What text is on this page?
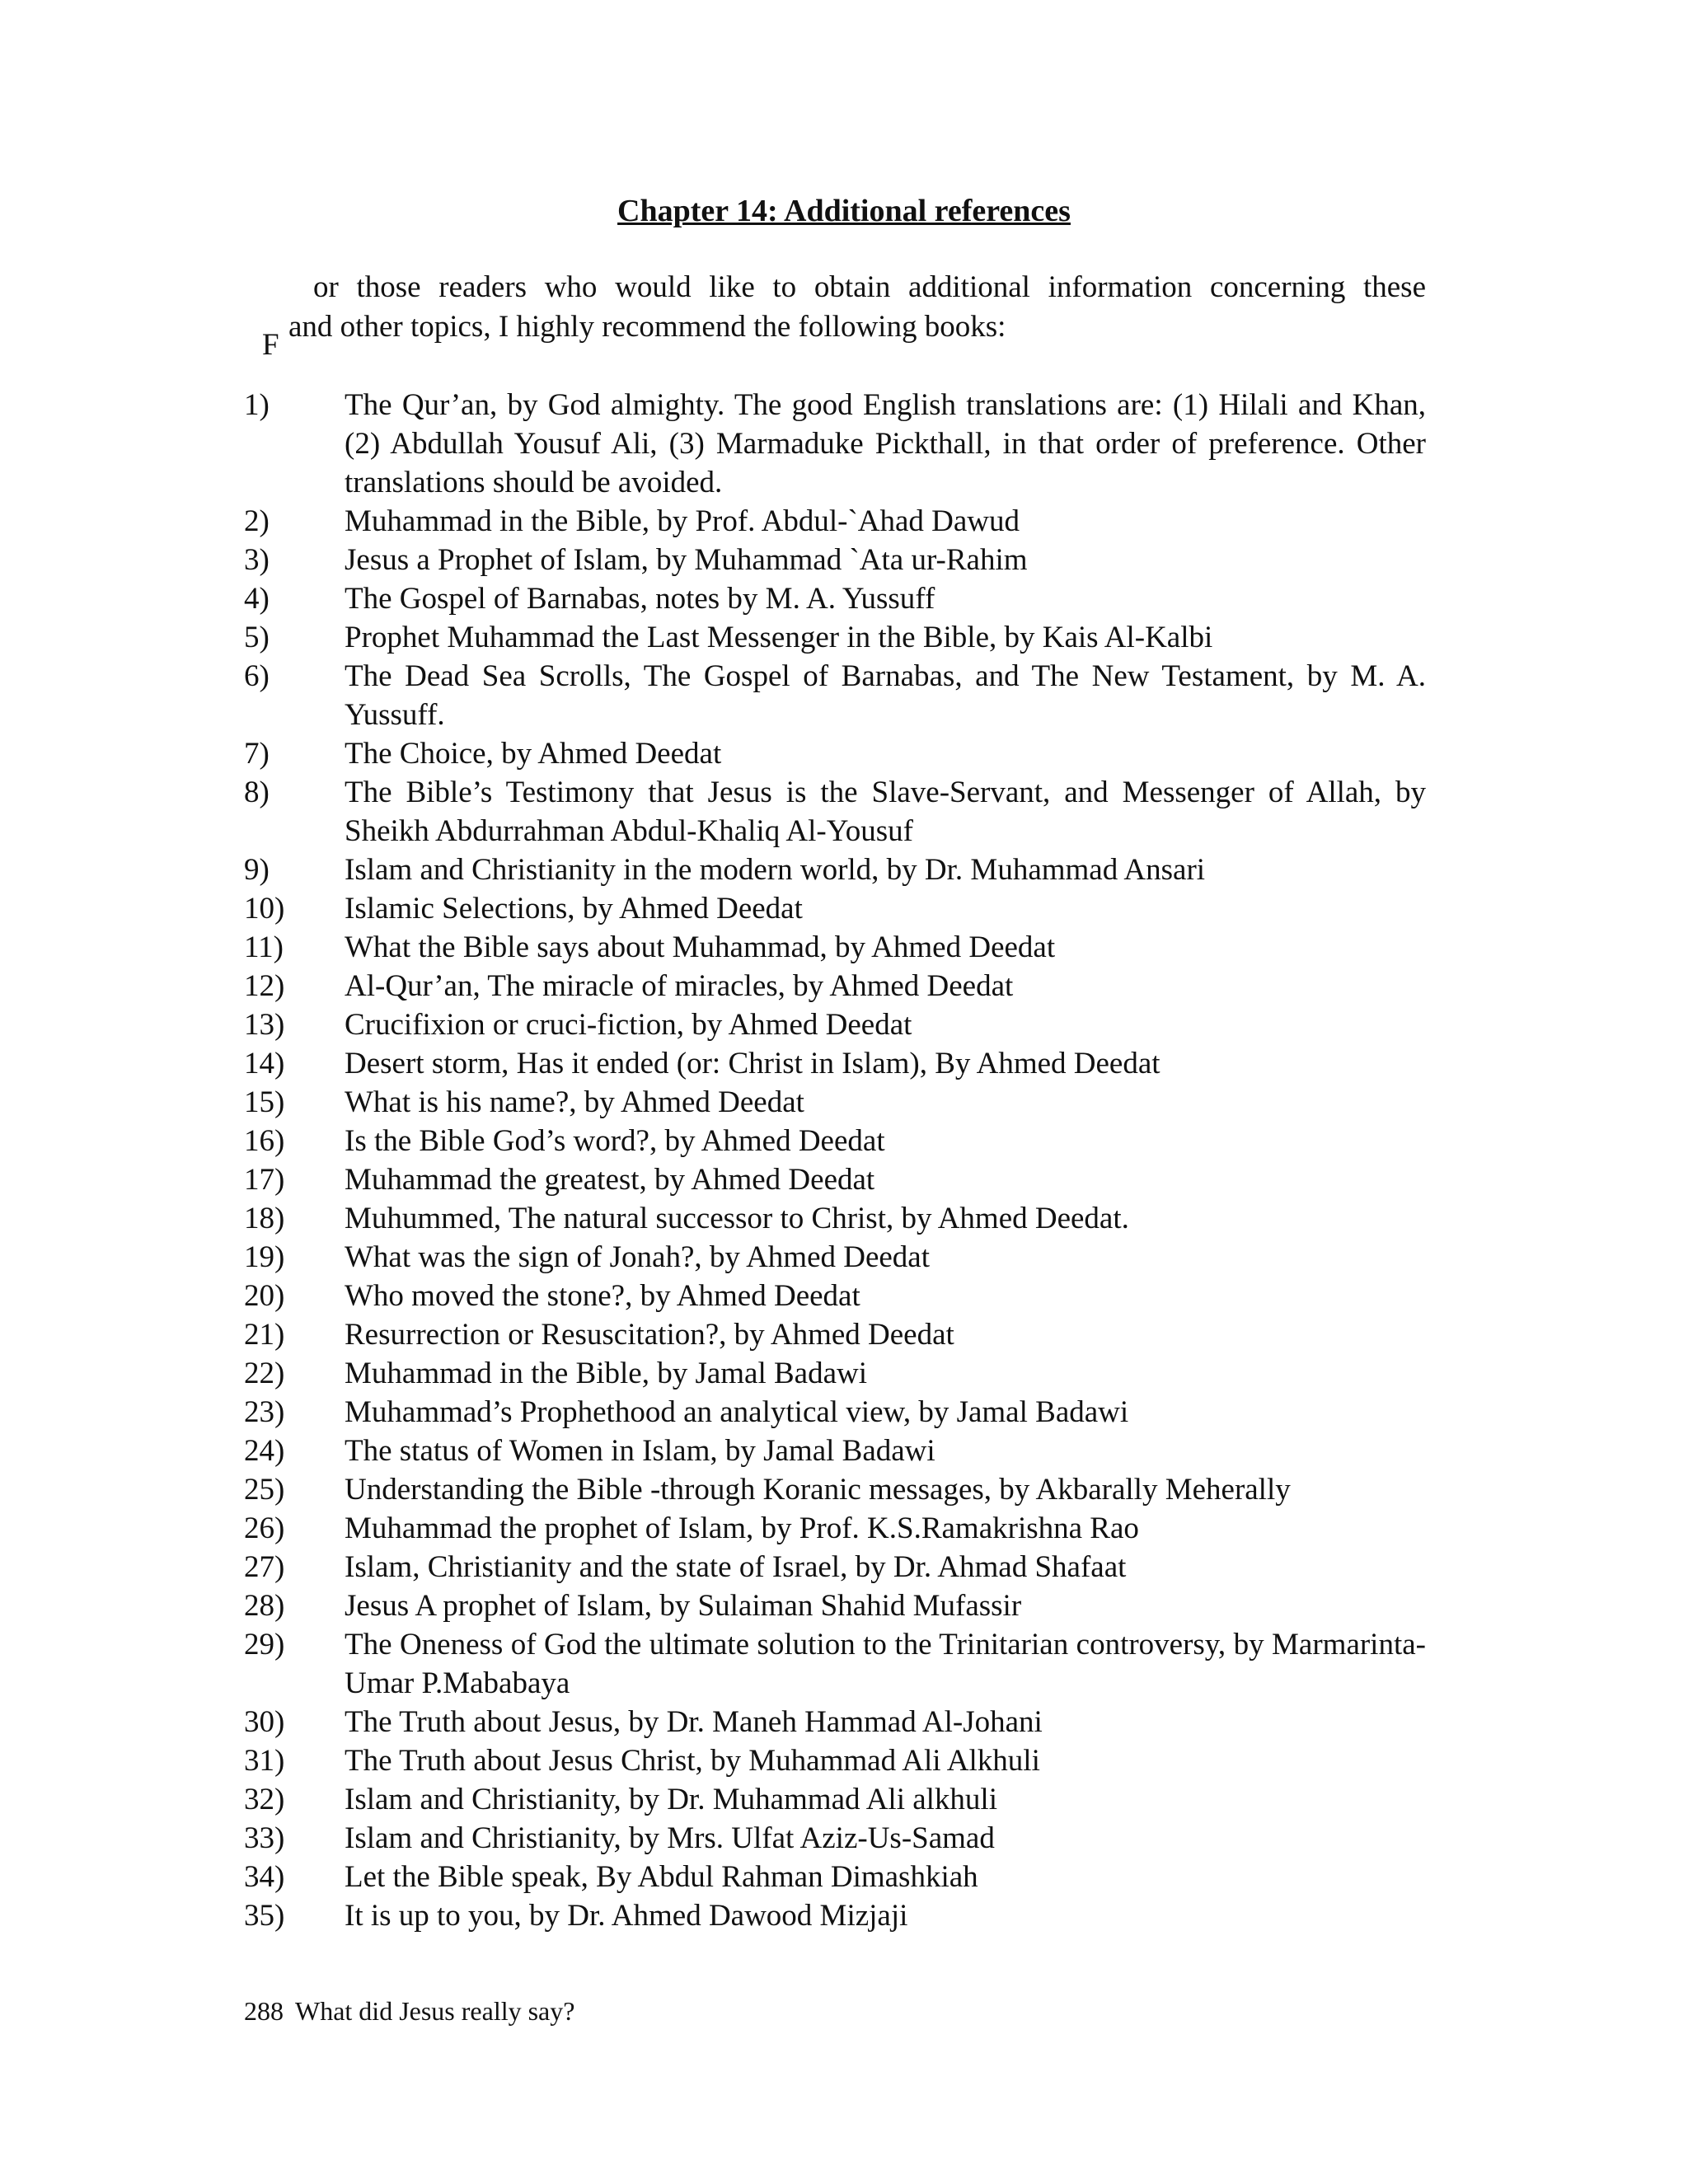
Chapter 14: Additional references
or those readers who would like to obtain additional information concerning these
and other topics, I highly recommend the following books:
F
1)	The Qur’an, by God almighty. The good English translations are: (1) Hilali and Khan, (2) Abdullah Yousuf Ali, (3) Marmaduke Pickthall, in that order of preference. Other translations should be avoided.
2)	Muhammad in the Bible, by Prof. Abdul-`Ahad Dawud
3)	Jesus a Prophet of Islam, by Muhammad `Ata ur-Rahim
4)	The Gospel of Barnabas, notes by M. A. Yussuff
5)	Prophet Muhammad the Last Messenger in the Bible, by Kais Al-Kalbi
6)	The Dead Sea Scrolls, The Gospel of Barnabas, and The New Testament, by M. A. Yussuff.
7)	The Choice, by Ahmed Deedat
8)	The Bible’s Testimony that Jesus is the Slave-Servant, and Messenger of Allah, by Sheikh Abdurrahman Abdul-Khaliq Al-Yousuf
9)	Islam and Christianity in the modern world, by Dr. Muhammad Ansari
10)	Islamic Selections, by Ahmed Deedat
11)	What the Bible says about Muhammad, by Ahmed Deedat
12)	Al-Qur’an, The miracle of miracles, by Ahmed Deedat
13)	Crucifixion or cruci-fiction, by Ahmed Deedat
14)	Desert storm, Has it ended (or: Christ in Islam), By Ahmed Deedat
15)	What is his name?, by Ahmed Deedat
16)	Is the Bible God’s word?, by Ahmed Deedat
17)	Muhammad the greatest, by Ahmed Deedat
18)	Muhummed, The natural successor to Christ, by Ahmed Deedat.
19)	What was the sign of Jonah?, by Ahmed Deedat
20)	Who moved the stone?, by Ahmed Deedat
21)	Resurrection or Resuscitation?, by Ahmed Deedat
22)	Muhammad in the Bible, by Jamal Badawi
23)	Muhammad’s Prophethood an analytical view, by Jamal Badawi
24)	The status of Women in Islam, by Jamal Badawi
25)	Understanding the Bible -through Koranic messages, by Akbarally Meherally
26)	Muhammad the prophet of Islam, by Prof. K.S.Ramakrishna Rao
27)	Islam, Christianity and the state of Israel, by Dr. Ahmad Shafaat
28)	Jesus A prophet of Islam, by Sulaiman Shahid Mufassir
29)	The Oneness of God the ultimate solution to the Trinitarian controversy, by Marmarinta-Umar P.Mababaya
30)	The Truth about Jesus, by Dr. Maneh Hammad Al-Johani
31)	The Truth about Jesus Christ, by Muhammad Ali Alkhuli
32)	Islam and Christianity, by Dr. Muhammad Ali alkhuli
33)	Islam and Christianity, by Mrs. Ulfat Aziz-Us-Samad
34)	Let the Bible speak, By Abdul Rahman Dimashkiah
35)	It is up to you, by Dr. Ahmed Dawood Mizjaji
288 What did Jesus really say?
